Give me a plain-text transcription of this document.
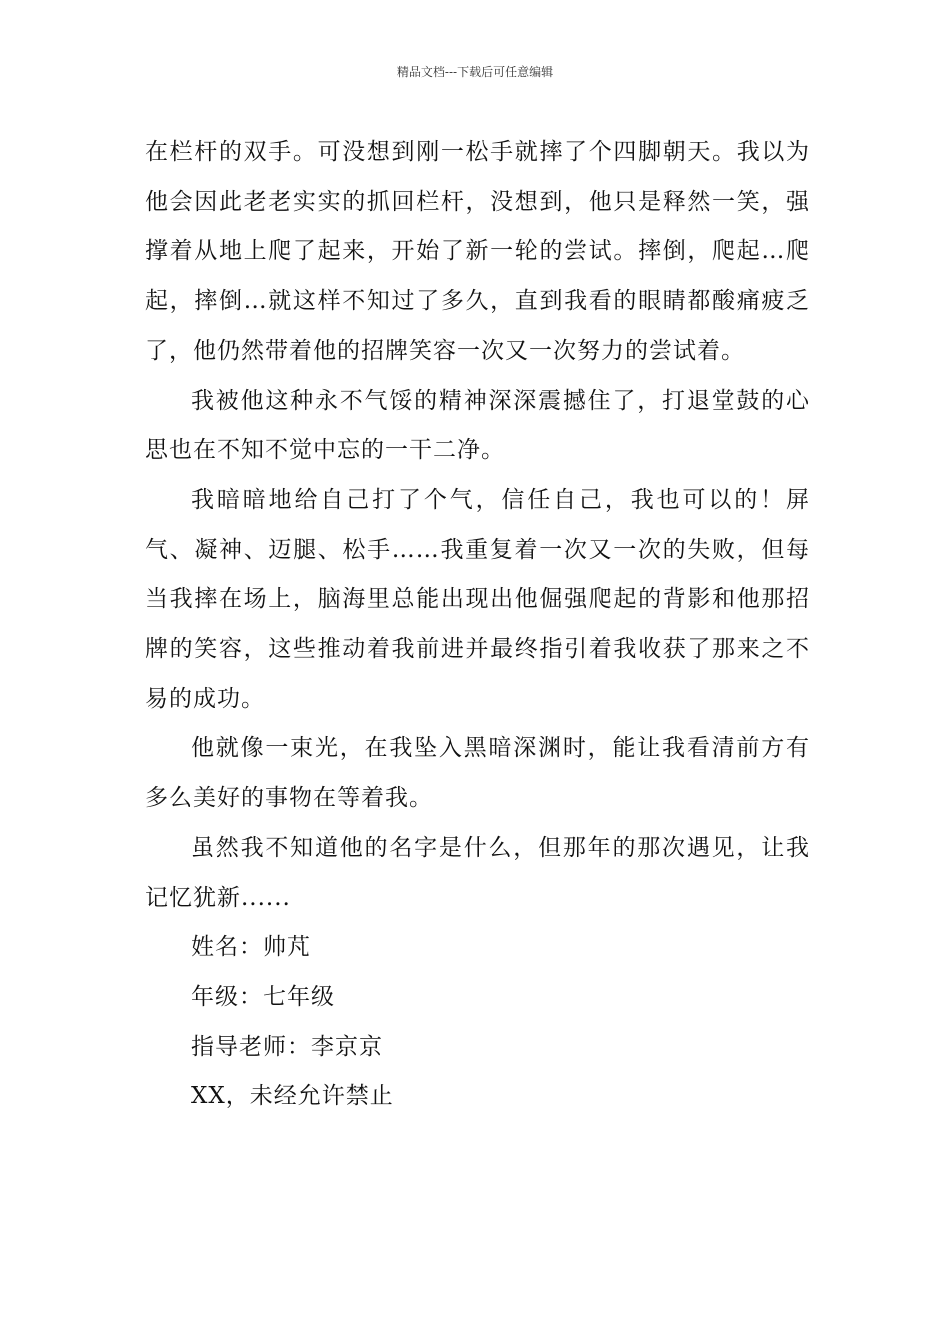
精品文档---下载后可任意编辑

在栏杆的双手。可没想到刚一松手就摔了个四脚朝天。我以为他会因此老老实实的抓回栏杆，没想到，他只是释然一笑，强撑着从地上爬了起来，开始了新一轮的尝试。摔倒，爬起…爬起，摔倒…就这样不知过了多久，直到我看的眼睛都酸痛疲乏了，他仍然带着他的招牌笑容一次又一次努力的尝试着。

我被他这种永不气馁的精神深深震撼住了，打退堂鼓的心思也在不知不觉中忘的一干二净。

我暗暗地给自己打了个气，信任自己，我也可以的！屏气、凝神、迈腿、松手……我重复着一次又一次的失败，但每当我摔在场上，脑海里总能出现出他倔强爬起的背影和他那招牌的笑容，这些推动着我前进并最终指引着我收获了那来之不易的成功。

他就像一束光，在我坠入黑暗深渊时，能让我看清前方有多么美好的事物在等着我。

虽然我不知道他的名字是什么，但那年的那次遇见，让我记忆犹新......

姓名：帅芃

年级：七年级

指导老师：李京京

XX，未经允许禁止
